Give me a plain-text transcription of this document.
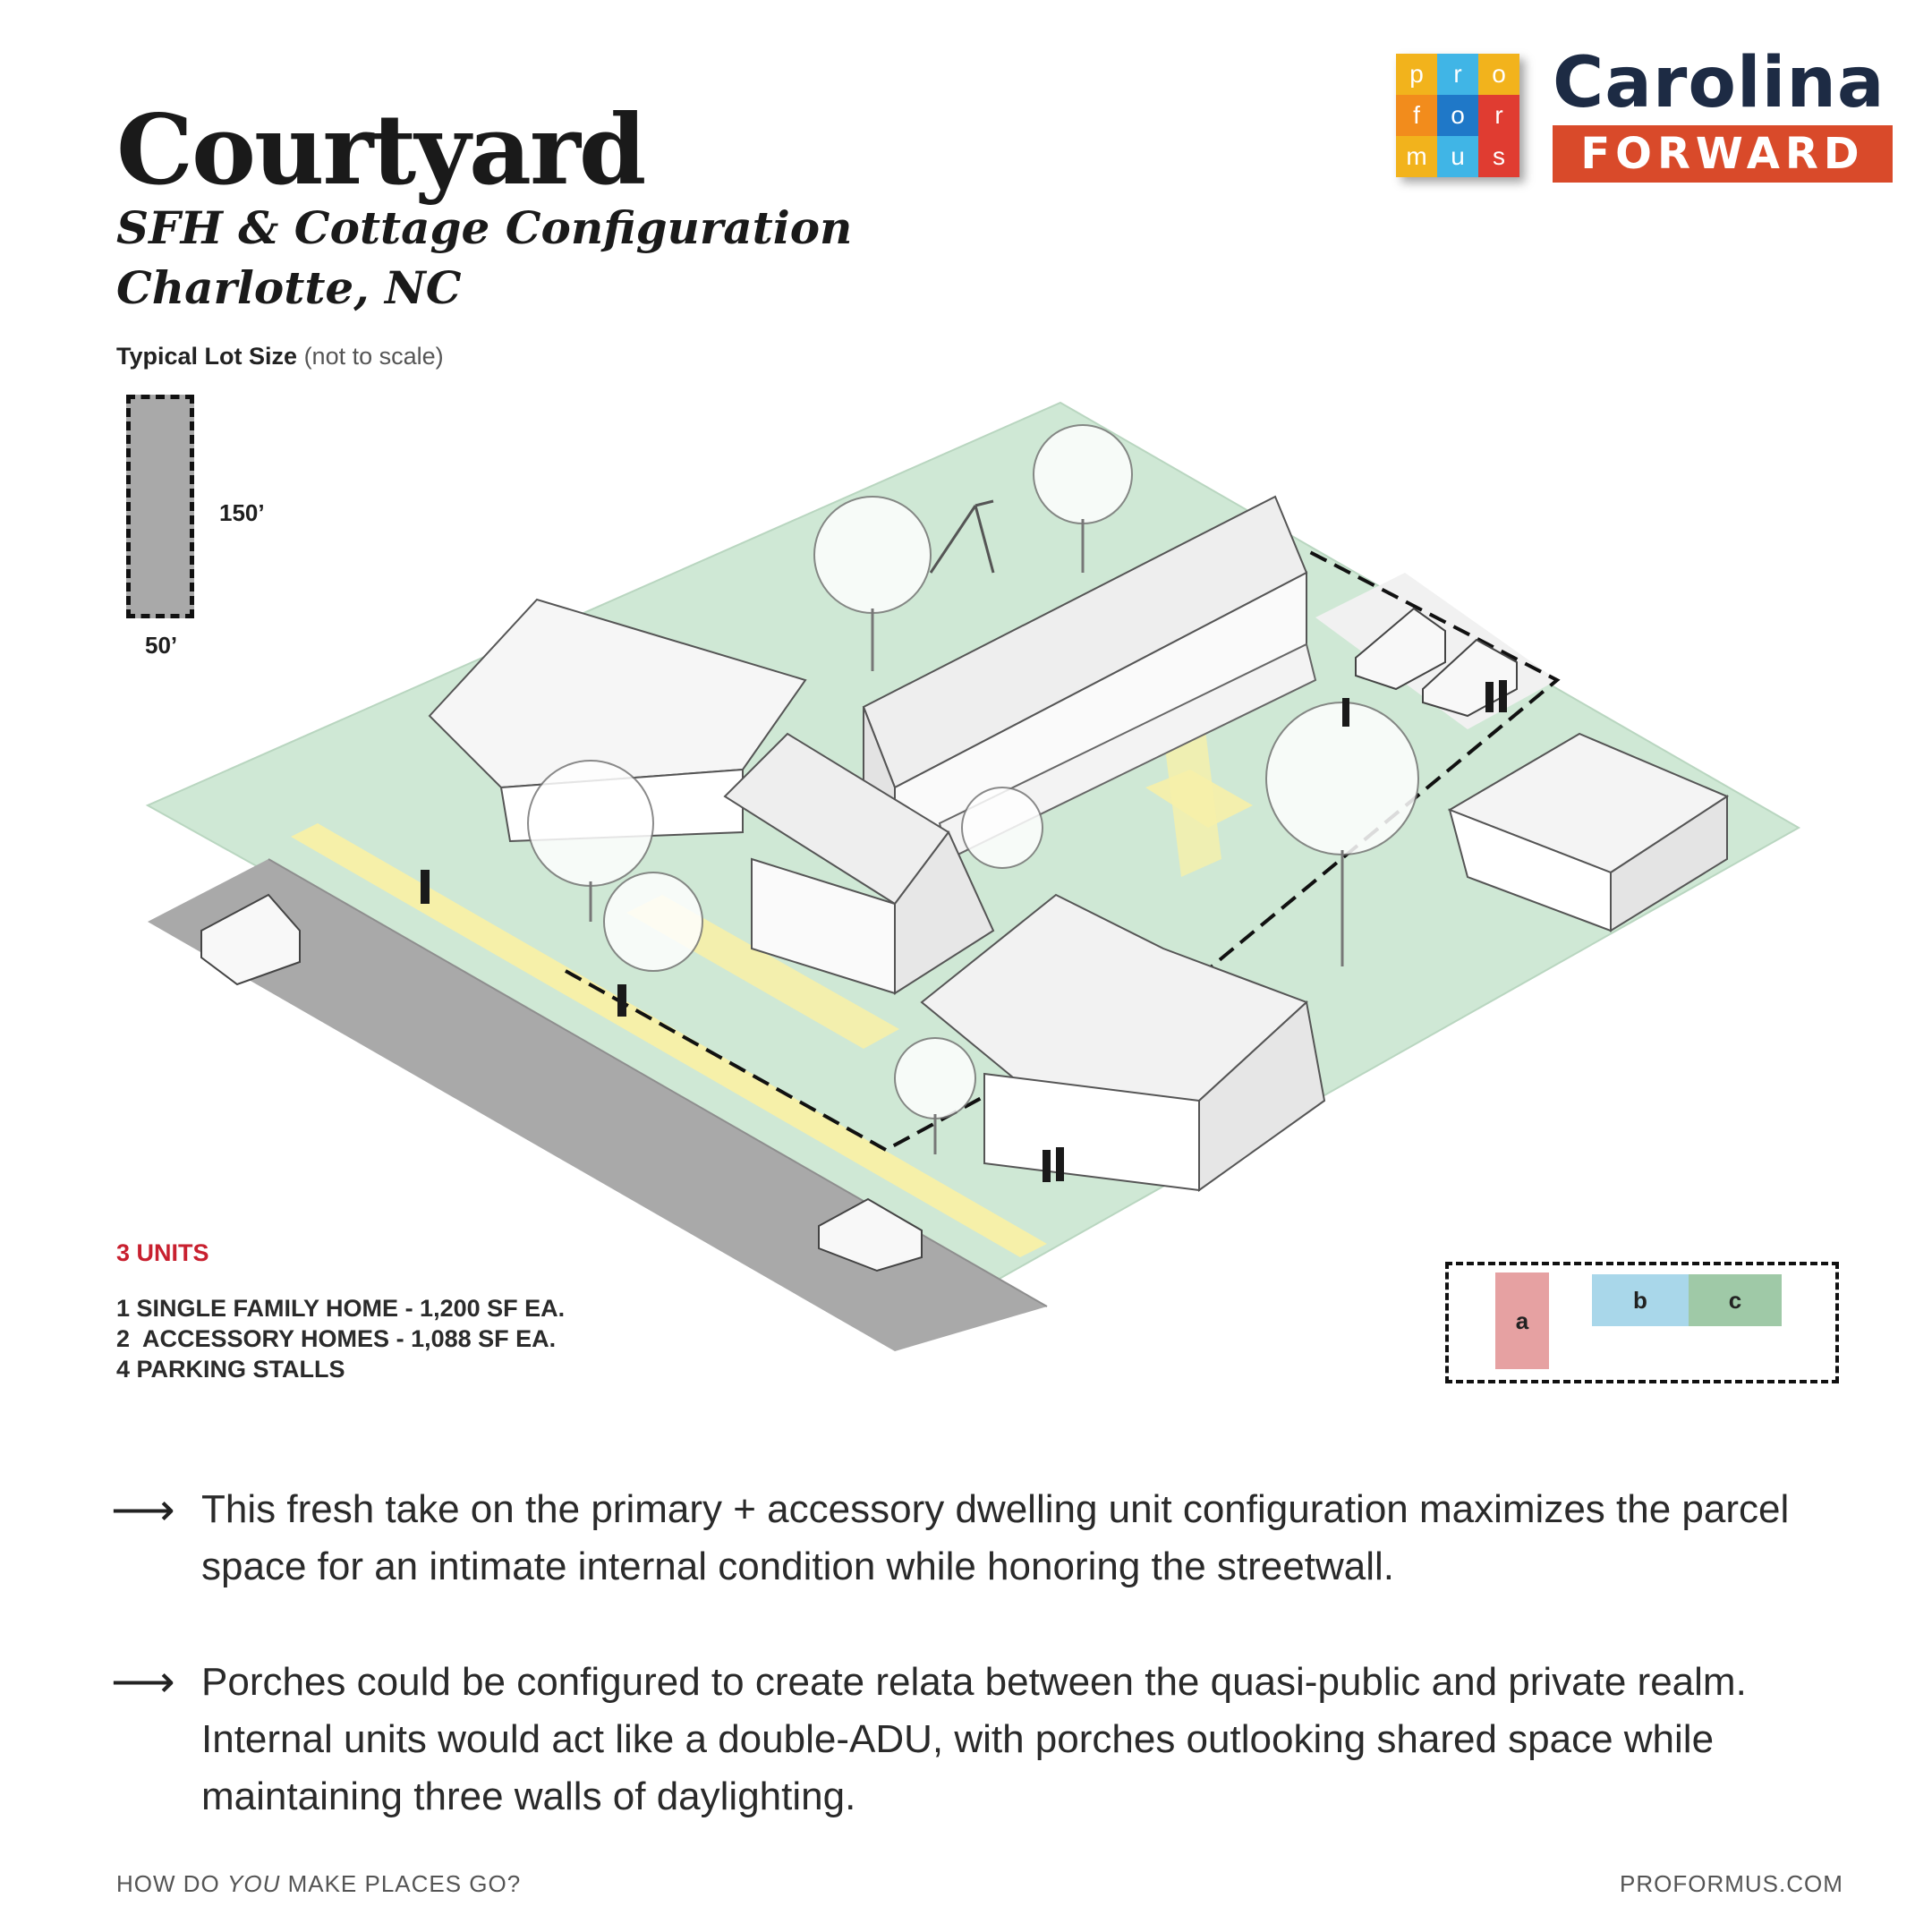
Courtyard
SFH & Cottage Configuration
Charlotte, NC
Typical Lot Size (not to scale)
150’
50’
p	r	o
f	o	r
m u	s
Carolina
FORWARD
3 UNITS
1 SINGLE FAMILY HOME - 1,200 SF EA.
2  ACCESSORY HOMES - 1,088 SF EA.
4 PARKING STALLS
a
b	c
⟶ This fresh take on the primary + accessory dwelling unit configuration maximizes the parcel space for an intimate internal condition while honoring the streetwall.
⟶ Porches could be configured to create relata between the quasi-public and private realm. Internal units would act like a double-ADU, with porches outlooking shared space while maintaining three walls of daylighting.
HOW DO YOU MAKE PLACES GO?	PROFORMUS.COM
